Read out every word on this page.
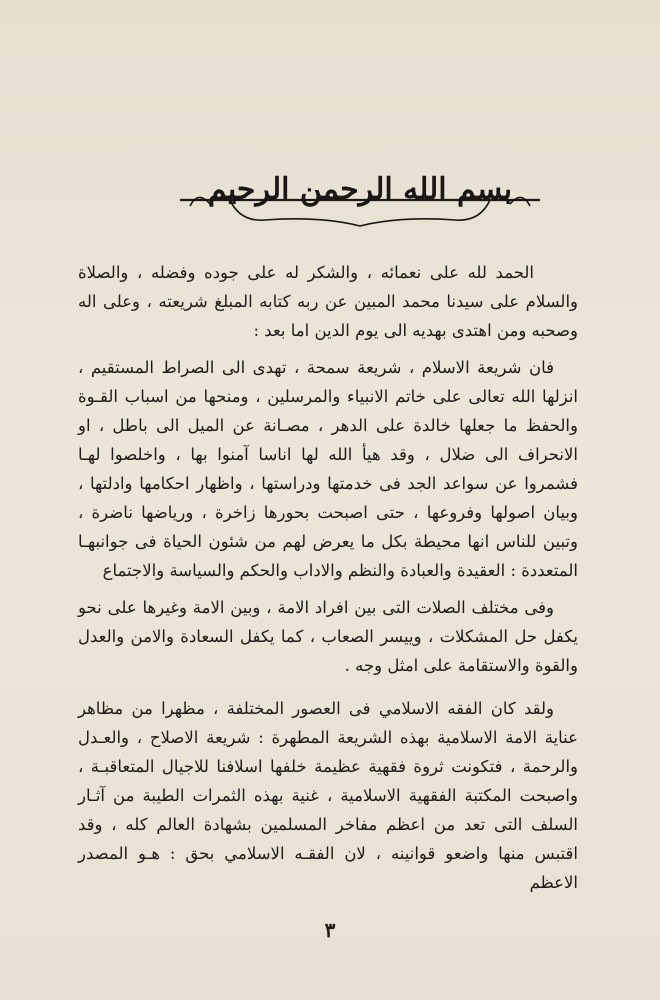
بسم الله الرحمن الرحيم

الحمد لله على نعمائه ، والشكر له على جوده وفضله ، والصلاة والسلام على سيدنا محمد المبين عن ربه كتابه المبلغ شريعته ، وعلى اله وصحبه ومن اهتدى بهديه الى يوم الدين اما بعد :

فان شريعة الاسلام ، شريعة سمحة ، تهدى الى الصراط المستقيم ، انزلها الله تعالى على خاتم الانبياء والمرسلين ، ومنحها من اسباب القـوة والحفظ ما جعلها خالدة على الدهر ، مصـانة عن الميل الى باطل ، او الانحراف الى ضلال ، وقد هيأ الله لها اناسا آمنوا بها ، واخلصوا لهـا فشمروا عن سواعد الجد فى خدمتها ودراستها ، واظهار احكامها وادلتها ، وبيان اصولها وفروعها ، حتى اصبحت بحورها زاخرة ، ورياضها ناضرة ، وتبين للناس انها محيطة بكل ما يعرض لهم من شئون الحياة فى جوانبهـا المتعددة : العقيدة والعبادة والنظم والاداب والحكم والسياسة والاجتماع

وفى مختلف الصلات التى بين افراد الامة ، وبين الامة وغيرها على نحو يكفل حل المشكلات ، وييسر الصعاب ، كما يكفل السعادة والامن والعدل والقوة والاستقامة على امثل وجه .

ولقد كان الفقه الاسلامي فى العصور المختلفة ، مظهرا من مظاهر عناية الامة الاسلامية بهذه الشريعة المطهرة : شريعة الاصلاح ، والعـدل والرحمة ، فتكونت ثروة فقهية عظيمة خلفها اسلافنا للاجيال المتعاقبـة ، واصبحت المكتبة الفقهية الاسلامية ، غنية بهذه الثمرات الطيبة من آثـار السلف التى تعد من اعظم مفاخر المسلمين بشهادة العالم كله ، وقد اقتبس منها واضعو قوانينه ، لان الفقـه الاسلامي بحق : هـو المصدر الاعظم

٣
